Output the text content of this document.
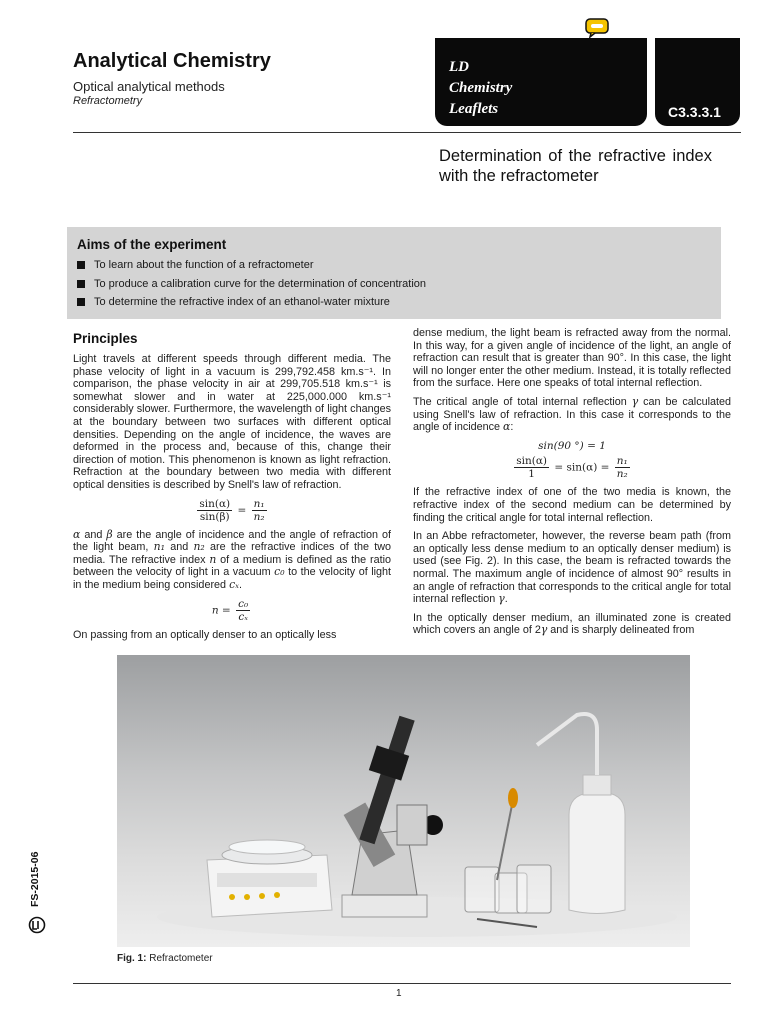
Analytical Chemistry
Optical analytical methods
Refractometry
LD
Chemistry
Leaflets	C3.3.3.1
Determination of the refractive index with the refractometer
Aims of the experiment
To learn about the function of a refractometer
To produce a calibration curve for the determination of concentration
To determine the refractive index of an ethanol-water mixture
Principles

Light travels at different speeds through different media. The phase velocity of light in a vacuum is 299,792.458 km.s⁻¹. In comparison, the phase velocity in air at 299,705.518 km.s⁻¹ is somewhat slower and in water at 225,000.000 km.s⁻¹ considerably slower. Furthermore, the wavelength of light changes at the boundary between two surfaces with different optical densities. Depending on the angle of incidence, the waves are deformed in the process and, because of this, change their direction of motion. This phenomenon is known as light refraction. Refraction at the boundary between two media with different optical densities is described by Snell's law of refraction.

$\frac{\sin(\alpha)}{\sin(\beta)} = \frac{\text{n₁}}{\text{n₂}}$

α and β are the angle of incidence and the angle of refraction of the light beam, n₁ and n₂ are the refractive indices of the two media. The refractive index n of a medium is defined as the ratio between the velocity of light in a vacuum c₀ to the velocity of light in the medium being considered cₓ.

$n = \frac{\text{c₀}}{\text{cₓ}}$

On passing from an optically denser to an optically less

dense medium, the light beam is refracted away from the normal. In this way, for a given angle of incidence of the light, an angle of refraction can result that is greater than 90°. In this case, the light will no longer enter the other medium. Instead, it is totally reflected from the surface. Here one speaks of total internal reflection.

The critical angle of total internal reflection γ can be calculated using Snell's law of refraction. In this case it corresponds to the angle of incidence α:

sin(90 °) = 1
$\frac{\sin(\alpha)}{1} = \sin(\alpha) = \frac{\text{n₁}}{\text{n₂}}$

If the refractive index of one of the two media is known, the refractive index of the second medium can be determined by finding the critical angle for total internal reflection.

In an Abbe refractometer, however, the reverse beam path (from an optically less dense medium to an optically denser medium) is used (see Fig. 2). In this case, the beam is refracted towards the normal. The maximum angle of incidence of almost 90° results in an angle of refraction that corresponds to the critical angle for total internal reflection γ.

In the optically denser medium, an illuminated zone is created which covers an angle of 2γ and is sharply delineated from

Fig. 1: Refractometer
1
FS-2015-06
